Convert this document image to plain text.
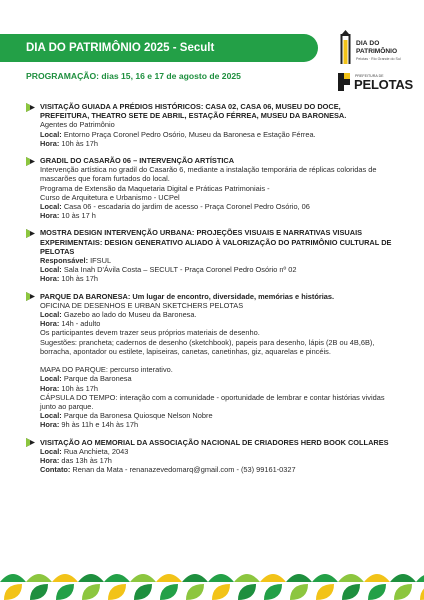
DIA DO PATRIMÔNIO 2025 - Secult	DIA DO
PATRIMÔNIO
Pelotas · Rio Grande do Sul
PREFEITURA DE
PELOTAS
PROGRAMAÇÃO: dias 15, 16 e 17 de agosto de 2025
VISITAÇÃO GUIADA A PRÉDIOS HISTÓRICOS: CASA 02, CASA 06, MUSEU DO DOCE, PREFEITURA, THEATRO SETE DE ABRIL, ESTAÇÃO FÉRREA, MUSEU DA BARONESA.
Agentes do Patrimônio
Local: Entorno Praça Coronel Pedro Osório, Museu da Baronesa e Estação Férrea.
Hora: 10h às 17h
GRADIL DO CASARÃO 06 – INTERVENÇÃO ARTÍSTICA
Intervenção artística no gradil do Casarão 6, mediante a instalação temporária de réplicas coloridas de mascarões que foram furtados do local.
Programa de Extensão da Maquetaria Digital e Práticas Patrimoniais -
Curso de Arquitetura e Urbanismo - UCPel
Local: Casa 06 - escadaria do jardim de acesso - Praça Coronel Pedro Osório, 06
Hora: 10 às 17 h
MOSTRA DESIGN INTERVENÇÃO URBANA: PROJEÇÕES VISUAIS E NARRATIVAS VISUAIS EXPERIMENTAIS: DESIGN GENERATIVO ALIADO À VALORIZAÇÃO DO PATRIMÔNIO CULTURAL DE PELOTAS
Responsável: IFSUL
Local: Sala Inah D'Ávila Costa – SECULT - Praça Coronel Pedro Osório nº 02
Hora: 10h às 17h
PARQUE DA BARONESA: Um lugar de encontro, diversidade, memórias e histórias.
OFICINA DE DESENHOS E URBAN SKETCHERS PELOTAS
Local: Gazebo ao lado do Museu da Baronesa.
Hora: 14h - adulto
Os participantes devem trazer seus próprios materiais de desenho.
Sugestões: prancheta; cadernos de desenho (sketchbook), papeis para desenho, lápis (2B ou 4B,6B), borracha, apontador ou estilete, lapiseiras, canetas, canetinhas, giz, aquarelas e pincéis.
MAPA DO PARQUE: percurso interativo.
Local: Parque da Baronesa
Hora: 10h às 17h
CÁPSULA DO TEMPO: interação com a comunidade - oportunidade de lembrar e contar histórias vividas junto ao parque.
Local: Parque da Baronesa Quiosque Nelson Nobre
Hora: 9h às 11h e 14h às 17h
VISITAÇÃO AO MEMORIAL DA ASSOCIAÇÃO NACIONAL DE CRIADORES HERD BOOK COLLARES
Local: Rua Anchieta, 2043
Hora: das 13h às 17h
Contato: Renan da Mata - renanazevedomarq@gmail.com - (53) 99161-0327
